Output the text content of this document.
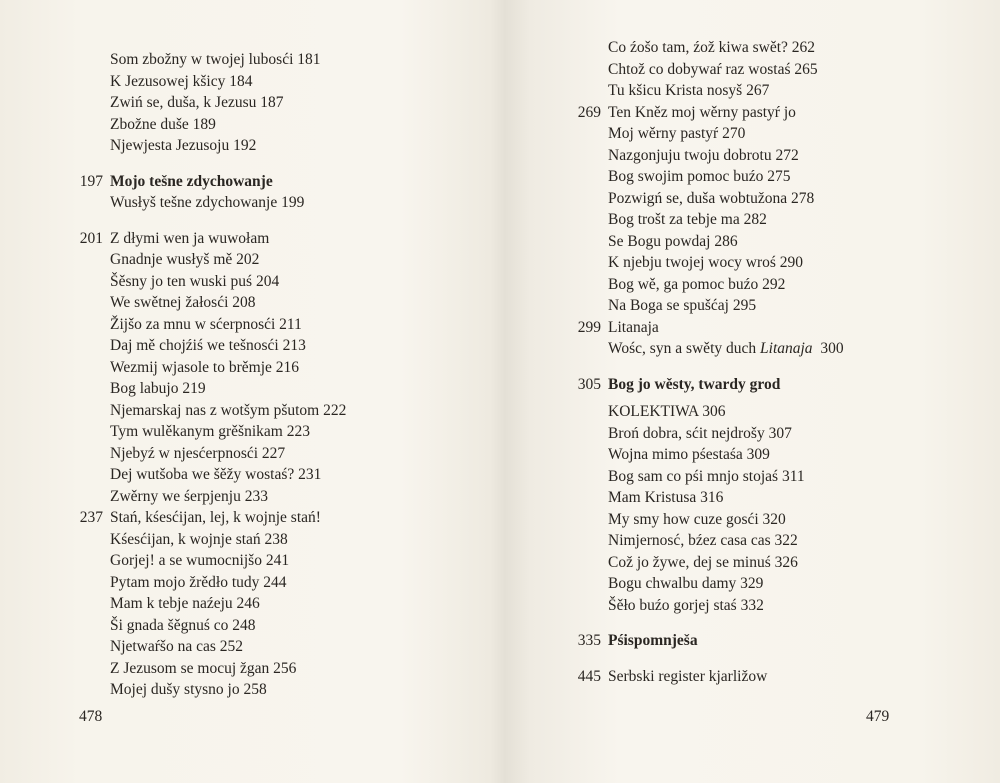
Som zbožny w twojej lubosći 181
K Jezusowej kšicy 184
Zwiń se, duša, k Jezusu 187
Zbožne duše 189
Njewjesta Jezusoju 192
197 Mojo tešne zdychowanje
Wusłyš tešne zdychowanje 199
201 Z dłymi wen ja wuwołam
Gnadnje wusłyš mě 202
Šěsny jo ten wuski puś 204
We swětnej žałosći 208
Žijšo za mnu w sćerpnosći 211
Daj mě chojźiś we tešnosći 213
Wezmij wjasole to brěmje 216
Bog labujo 219
Njemarskaj nas z wotšym pšutom 222
Tym wulěkanym grěšnikam 223
Njebyź w njesćerpnosći 227
Dej wutšoba we šěžy wostaś? 231
Zwěrny we śerpjenju 233
237 Stań, kśesćijan, lej, k wojnje stań!
Kśesćijan, k wojnje stań 238
Gorjej! a se wumocnijšo 241
Pytam mojo žrědło tudy 244
Mam k tebje naźeju 246
Ši gnada šěgnuś co 248
Njetwaŕšo na cas 252
Z Jezusom se mocuj žgan 256
Mojej dušy stysno jo 258
Co źošo tam, źož kiwa swět? 262
Chtož co dobywaŕ raz wostaś 265
Tu kšicu Krista nosyš 267
269 Ten Kněz moj wěrny pastyŕ jo
Moj wěrny pastyŕ 270
Nazgonjuju twoju dobrotu 272
Bog swojim pomoc buźo 275
Pozwigń se, duša wobtužona 278
Bog trošt za tebje ma 282
Se Bogu powdaj 286
K njebju twojej wocy wroś 290
Bog wě, ga pomoc buźo 292
Na Boga se spušćaj 295
299 Litanaja
Wośc, syn a swěty duch Litanaja 300
305 Bog jo wěsty, twardy grod
KOLEKTIWA 306
Broń dobra, sćit nejdrošy 307
Wojna mimo pśestaśa 309
Bog sam co pśi mnjo stojaś 311
Mam Kristusa 316
My smy how cuze gosći 320
Nimjernosć, bźez casa cas 322
Což jo žywe, dej se minuś 326
Bogu chwalbu damy 329
Šěło buźo gorjej staś 332
335 Pśispomnješa
445 Serbski register kjarližow
478	479
